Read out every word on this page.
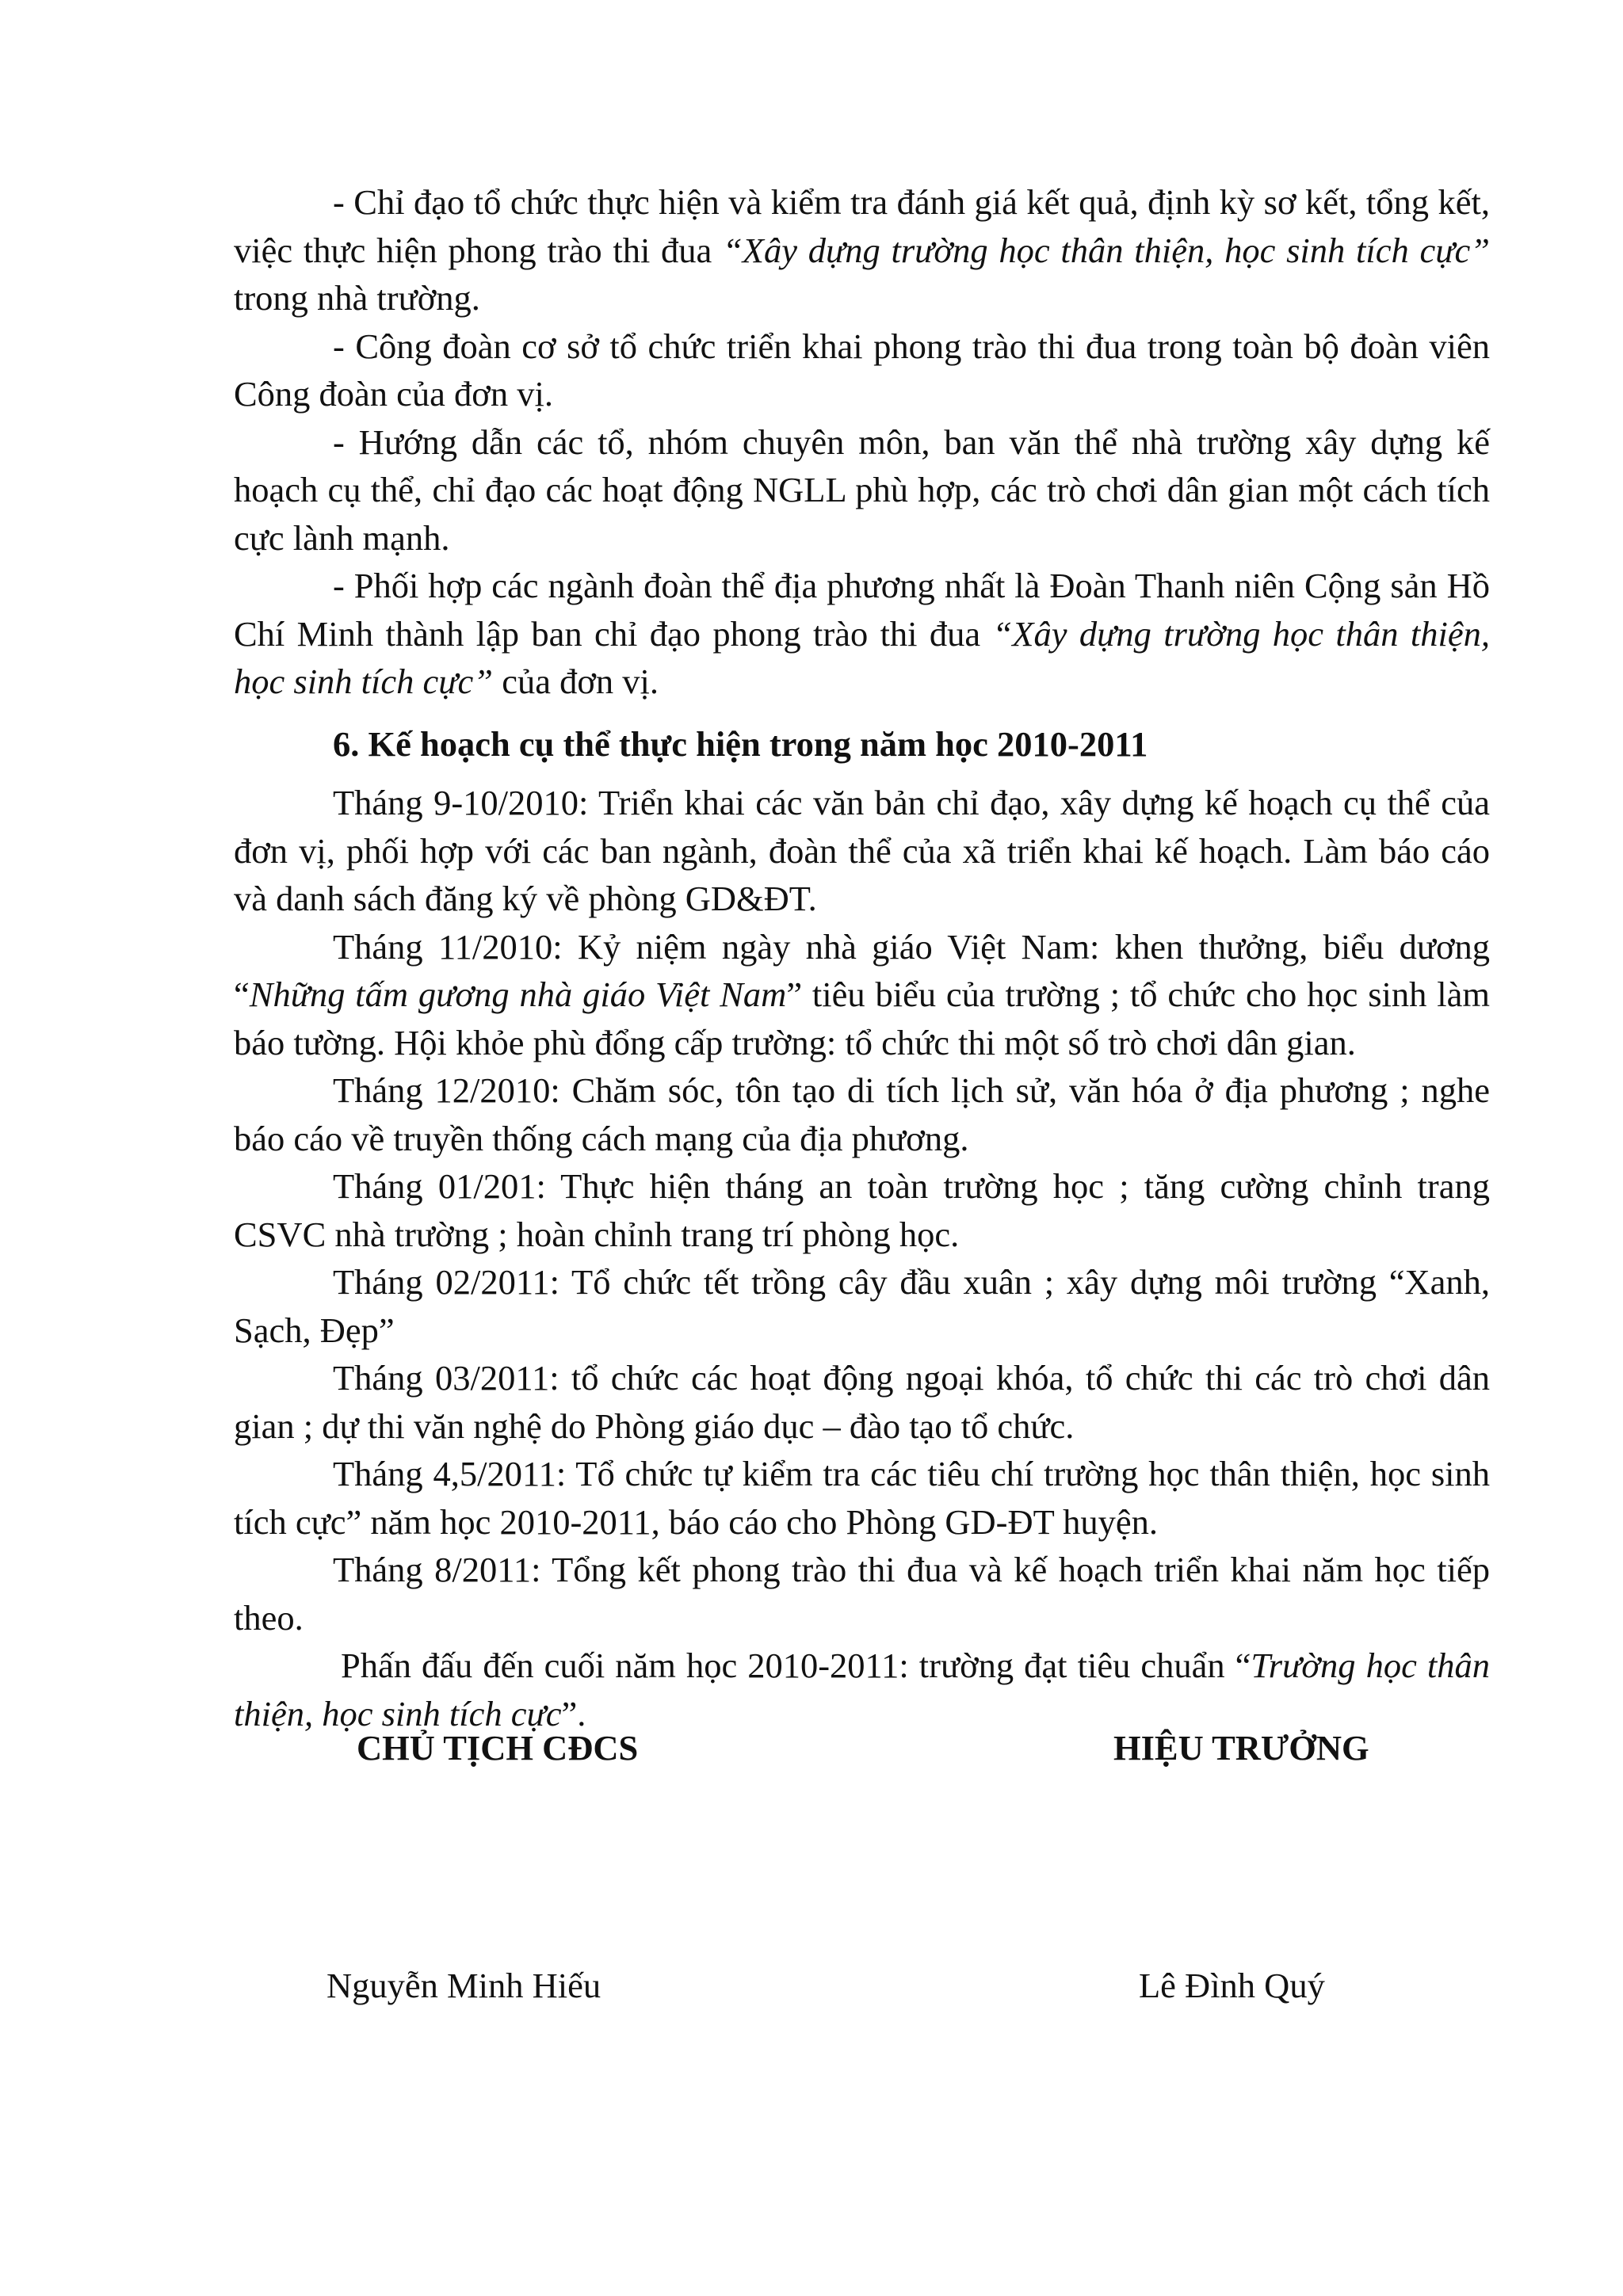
- Chỉ đạo tổ chức thực hiện và kiểm tra đánh giá kết quả, định kỳ sơ kết, tổng kết, việc thực hiện phong trào thi đua “Xây dựng trường học thân thiện, học sinh tích cực” trong nhà trường.

- Công đoàn cơ sở tổ chức triển khai phong trào thi đua trong toàn bộ đoàn viên Công đoàn của đơn vị.

- Hướng dẫn các tổ, nhóm chuyên môn, ban văn thể nhà trường xây dựng kế hoạch cụ thể, chỉ đạo các hoạt động NGLL phù hợp, các trò chơi dân gian một cách tích cực lành mạnh.

- Phối hợp các ngành đoàn thể địa phương nhất là Đoàn Thanh niên Cộng sản Hồ Chí Minh thành lập ban chỉ đạo phong trào thi đua “Xây dựng trường học thân thiện, học sinh tích cực” của đơn vị.

6. Kế hoạch cụ thể thực hiện trong năm học 2010-2011

Tháng 9-10/2010: Triển khai các văn bản chỉ đạo, xây dựng kế hoạch cụ thể của đơn vị, phối hợp với các ban ngành, đoàn thể của xã triển khai kế hoạch. Làm báo cáo và danh sách đăng ký về phòng GD&ĐT.

Tháng 11/2010: Kỷ niệm ngày nhà giáo Việt Nam: khen thưởng, biểu dương “Những tấm gương nhà giáo Việt Nam” tiêu biểu của trường ; tổ chức cho học sinh làm báo tường. Hội khỏe phù đổng cấp trường: tổ chức thi một số trò chơi dân gian.

Tháng 12/2010: Chăm sóc, tôn tạo di tích lịch sử, văn hóa ở địa phương ; nghe báo cáo về truyền thống cách mạng của địa phương.

Tháng 01/201: Thực hiện tháng an toàn trường học ; tăng cường chỉnh trang CSVC nhà trường ; hoàn chỉnh trang trí phòng học.

Tháng 02/2011: Tổ chức tết trồng cây đầu xuân ; xây dựng môi trường “Xanh, Sạch, Đẹp”

Tháng 03/2011: tổ chức các hoạt động ngoại khóa, tổ chức thi các trò chơi dân gian ; dự thi văn nghệ do Phòng giáo dục – đào tạo tổ chức.

Tháng 4,5/2011: Tổ chức tự kiểm tra các tiêu chí trường học thân thiện, học sinh tích cực” năm học 2010-2011, báo cáo cho Phòng GD-ĐT huyện.

Tháng 8/2011: Tổng kết phong trào thi đua và kế hoạch triển khai năm học tiếp theo.

Phấn đấu đến cuối năm học 2010-2011: trường đạt tiêu chuẩn “Trường học thân thiện, học sinh tích cực”.

CHỦ TỊCH CĐCS
Nguyễn Minh Hiếu
HIỆU TRƯỞNG
Lê Đình Quý
